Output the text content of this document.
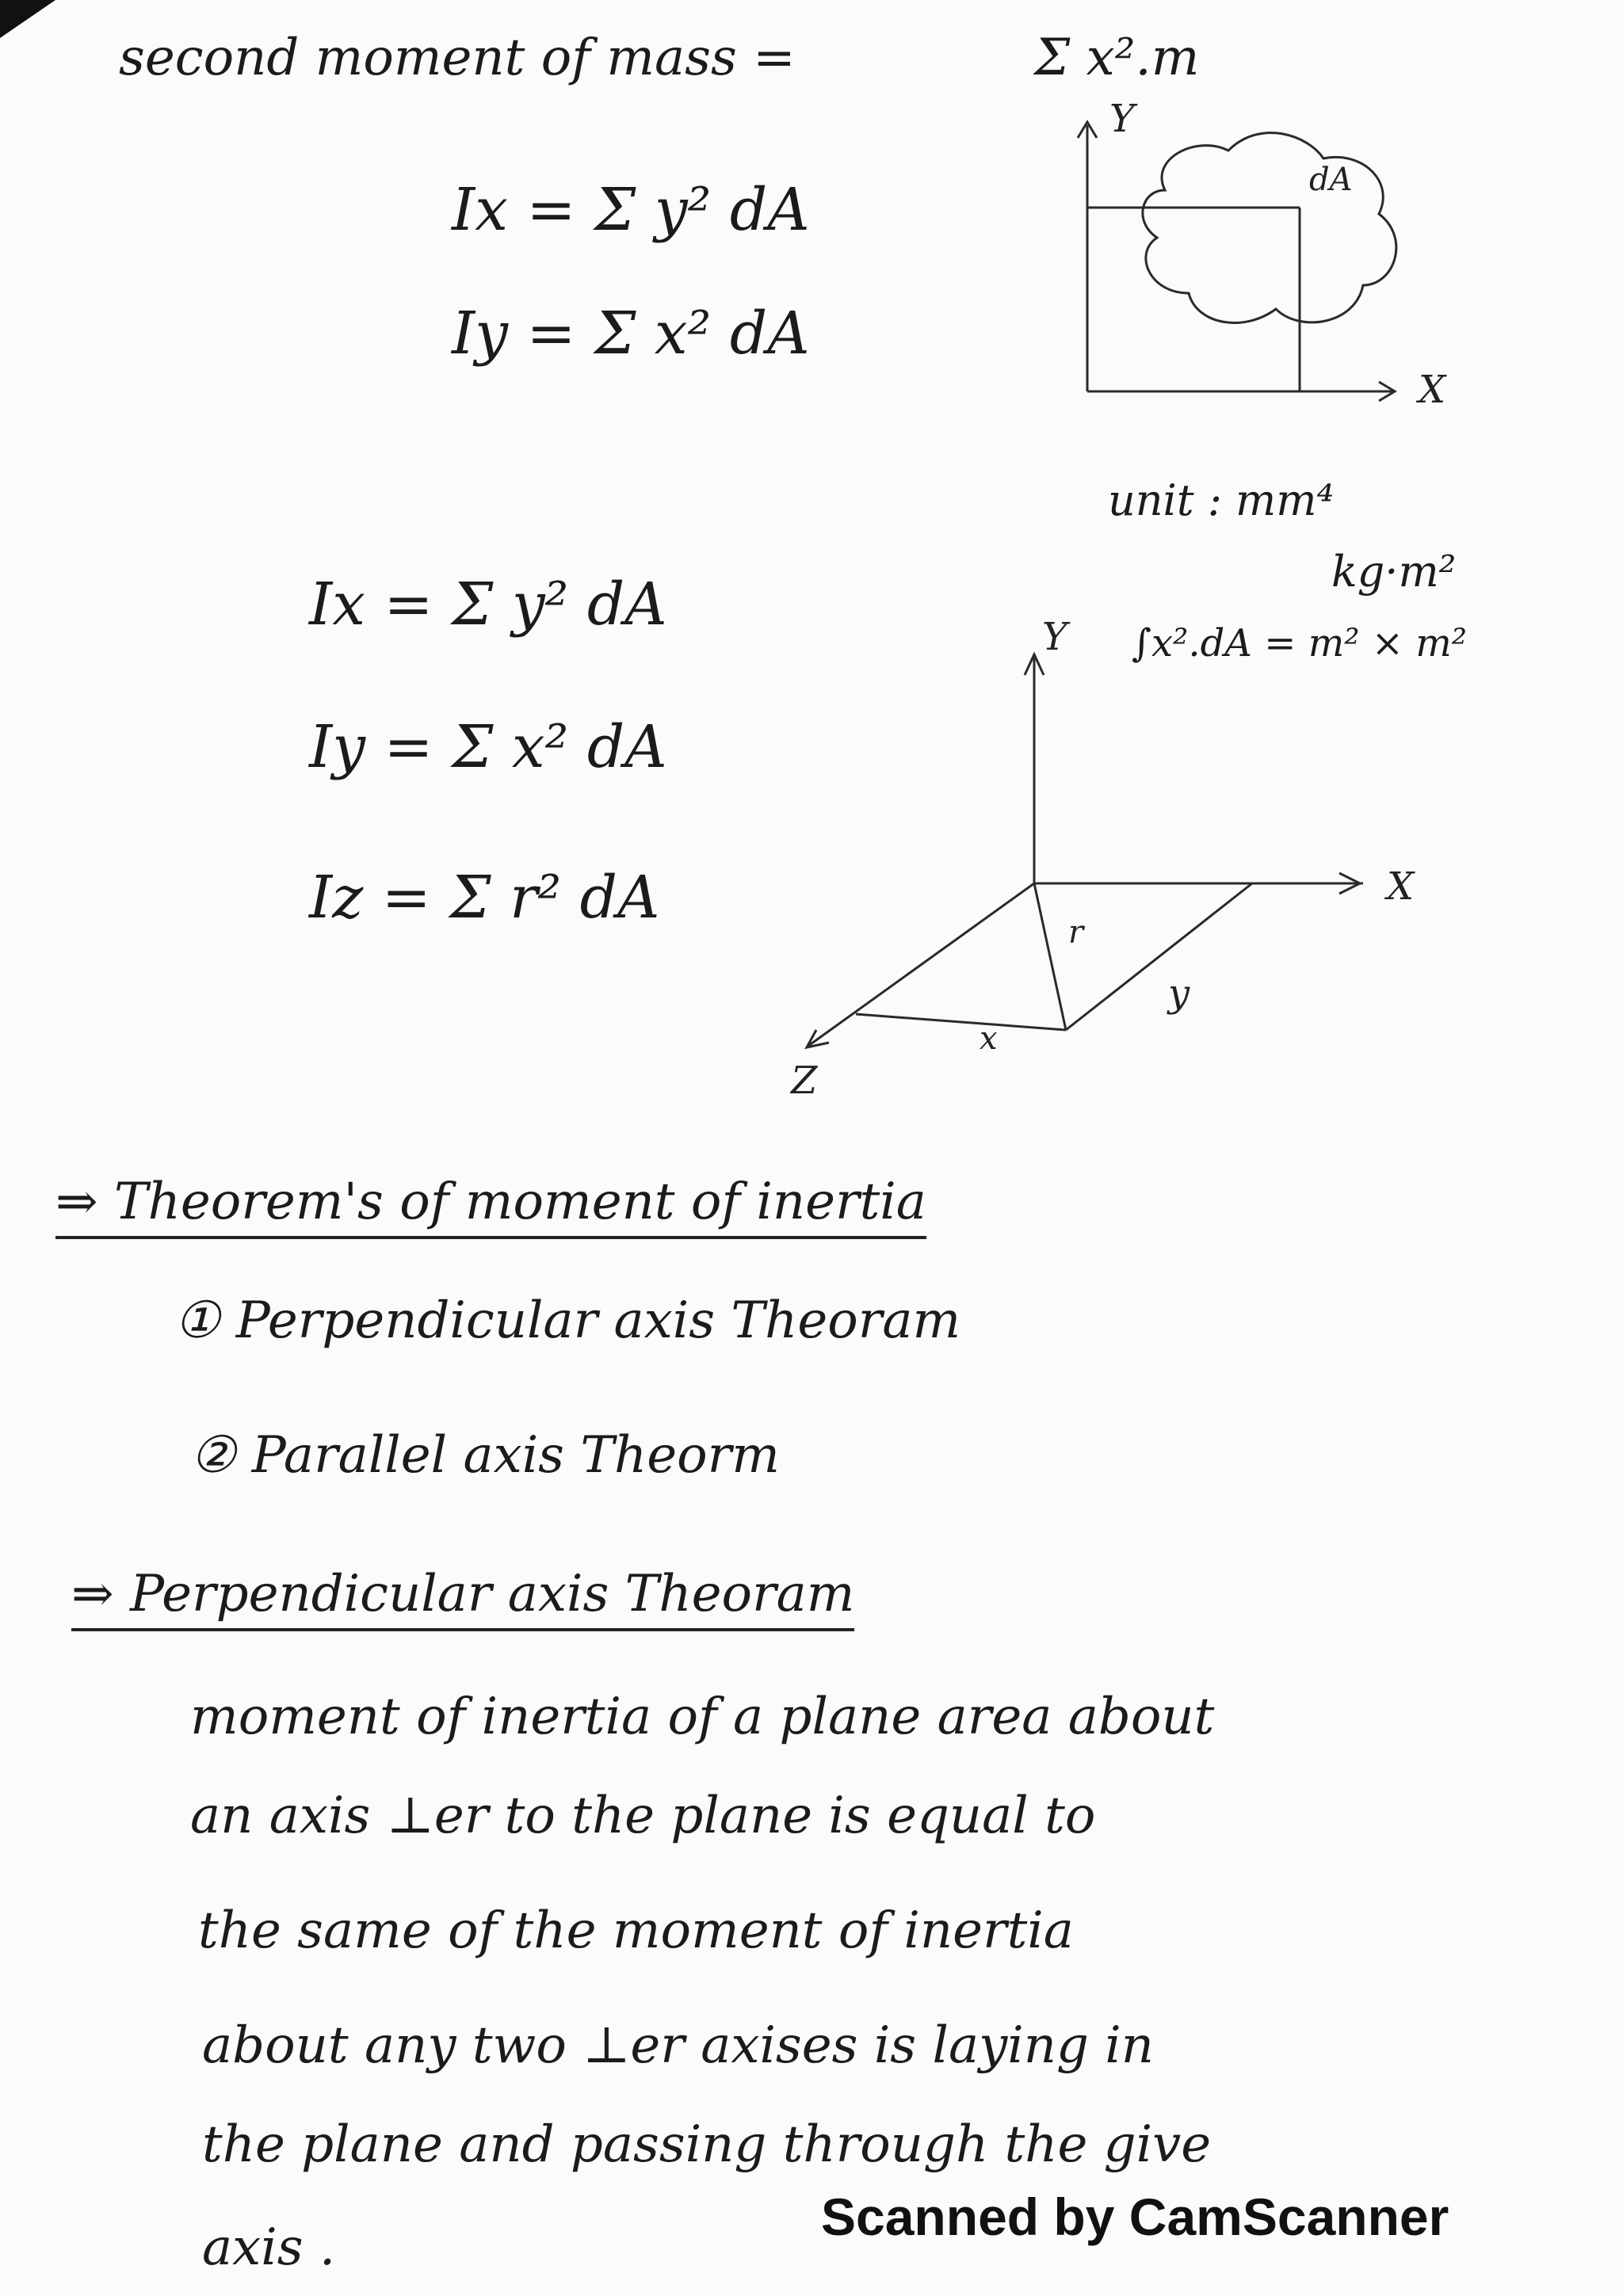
second moment of mass =	Σ x².m
Ix = Σ y² dA
Iy = Σ x² dA
Y
X
dA
unit : mm⁴
kg·m²
∫x².dA = m² × m²
Ix = Σ y² dA
Iy = Σ x² dA
Iz = Σ r² dA
Y
X
Z
r
y
x
⇒ Theorem's of moment of inertia
① Perpendicular axis Theoram
② Parallel axis Theorm
⇒ Perpendicular axis Theoram
moment of inertia of a plane area about
an axis ⊥er to the plane is equal to
the same of the moment of inertia
about any two ⊥er axises is laying in
the plane and passing through the give
axis .
Scanned by CamScanner
